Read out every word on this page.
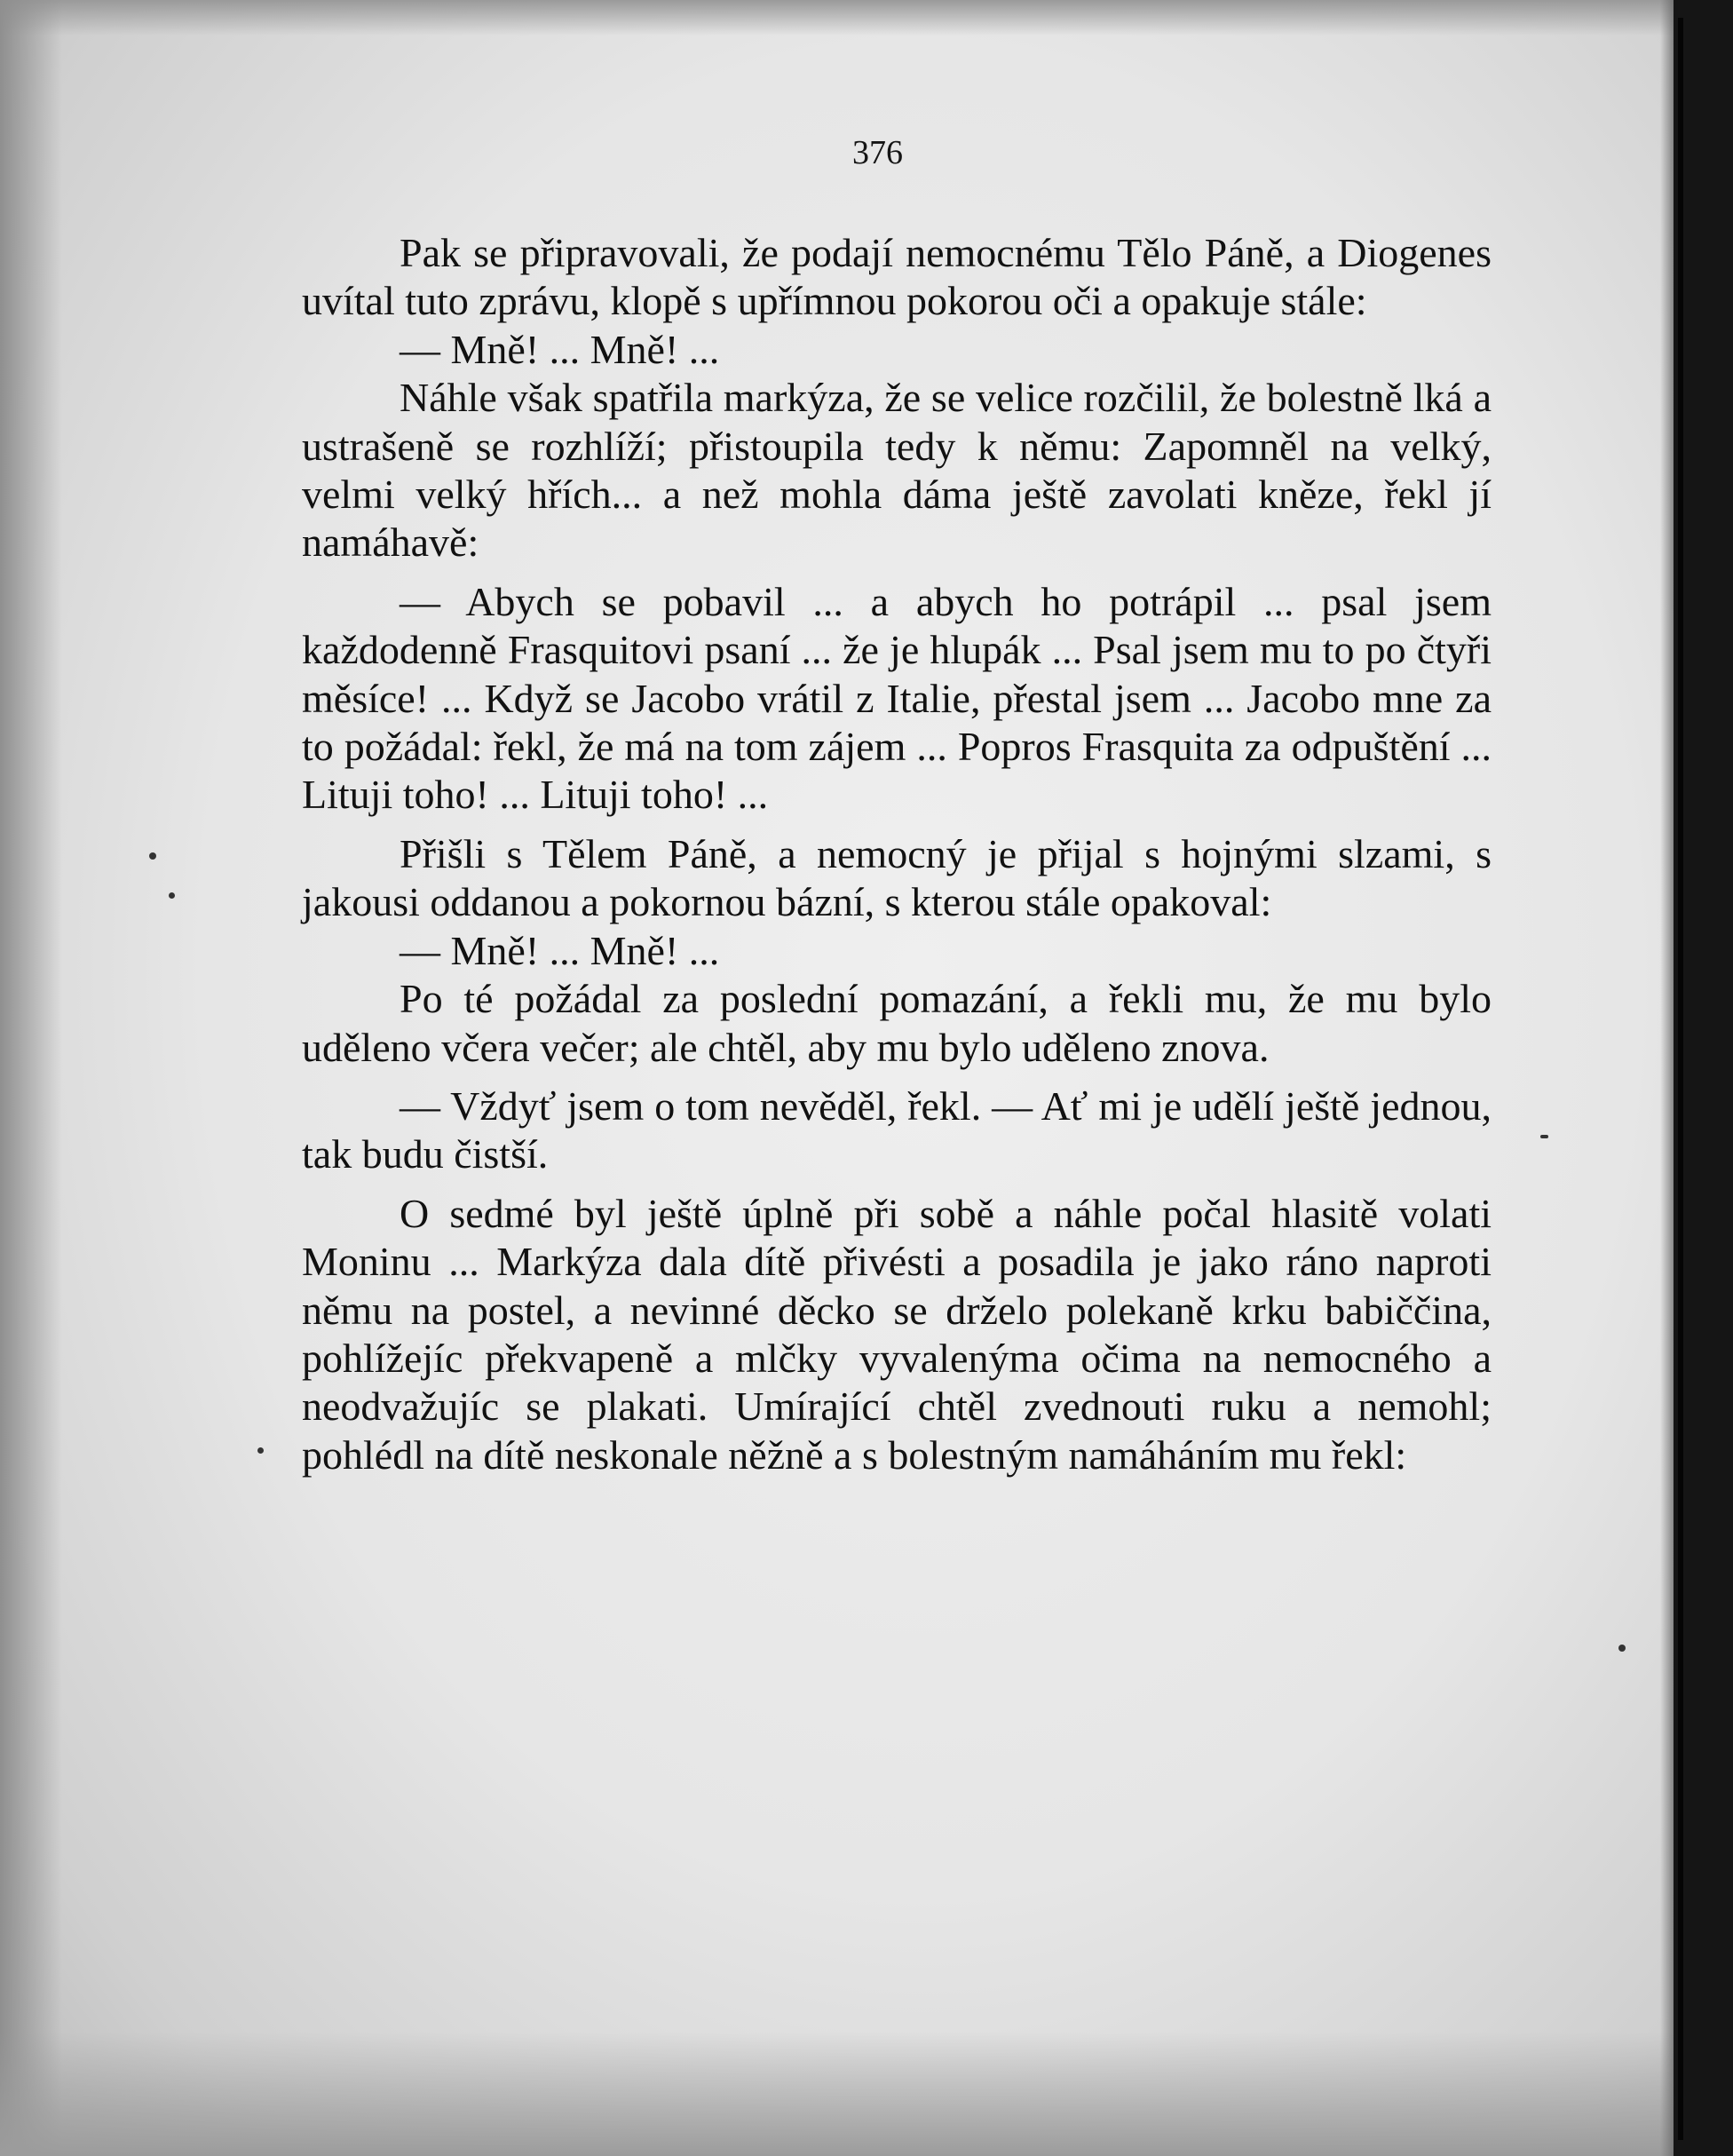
376

Pak se připravovali, že podají nemocnému Tělo Páně, a Diogenes uvítal tuto zprávu, klopě s upřímnou pokorou oči a opakuje stále:

— Mně! ... Mně! ...

Náhle však spatřila markýza, že se velice rozčilil, že bolestně lká a ustrašeně se rozhlíží; přistoupila tedy k němu: Zapomněl na velký, velmi velký hřích... a než mohla dáma ještě zavolati kněze, řekl jí namáhavě:

— Abych se pobavil ... a abych ho potrápil ... psal jsem každodenně Frasquitovi psaní ... že je hlupák ... Psal jsem mu to po čtyři měsíce! ... Když se Jacobo vrátil z Italie, přestal jsem ... Jacobo mne za to požádal: řekl, že má na tom zájem ... Popros Frasquita za odpuštění ... Lituji toho! ... Lituji toho! ...

Přišli s Tělem Páně, a nemocný je přijal s hojnými slzami, s jakousi oddanou a pokornou bázní, s kterou stále opakoval:

— Mně! ... Mně! ...

Po té požádal za poslední pomazání, a řekli mu, že mu bylo uděleno včera večer; ale chtěl, aby mu bylo uděleno znova.

— Vždyť jsem o tom nevěděl, řekl. — Ať mi je udělí ještě jednou, tak budu čistší.

O sedmé byl ještě úplně při sobě a náhle počal hlasitě volati Moninu ... Markýza dala dítě přivésti a posadila je jako ráno naproti němu na postel, a nevinné děcko se drželo polekaně krku babiččina, pohlížejíc překvapeně a mlčky vyvalenýma očima na nemocného a neodvažujíc se plakati. Umírající chtěl zvednouti ruku a nemohl; pohlédl na dítě neskonale něžně a s bolestným namáháním mu řekl:
